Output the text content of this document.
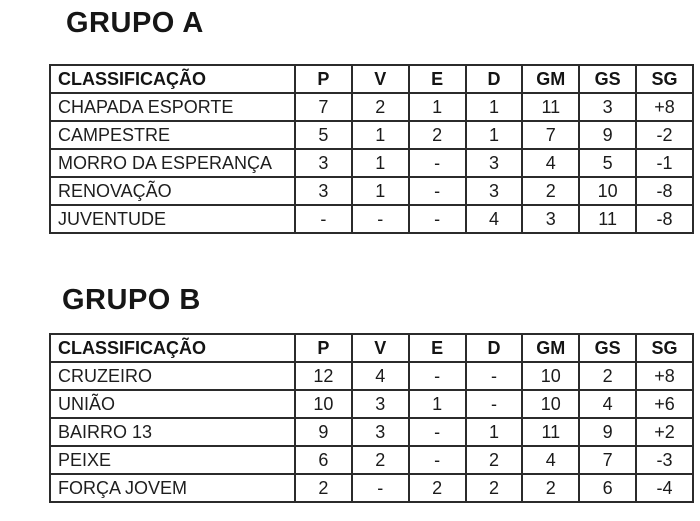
GRUPO A
CLASSIFICAÇÃO	P	V	E	D	GM	GS	SG
CHAPADA ESPORTE	7	2	1	1	11	3	+8
CAMPESTRE	5	1	2	1	7	9	-2
MORRO DA ESPERANÇA	3	1	-	3	4	5	-1
RENOVAÇÃO	3	1	-	3	2	10	-8
JUVENTUDE	-	-	-	4	3	11	-8
GRUPO B
CLASSIFICAÇÃO	P	V	E	D	GM	GS	SG
CRUZEIRO	12	4	-	-	10	2	+8
UNIÃO	10	3	1	-	10	4	+6
BAIRRO 13	9	3	-	1	11	9	+2
PEIXE	6	2	-	2	4	7	-3
FORÇA JOVEM	2	-	2	2	2	6	-4
